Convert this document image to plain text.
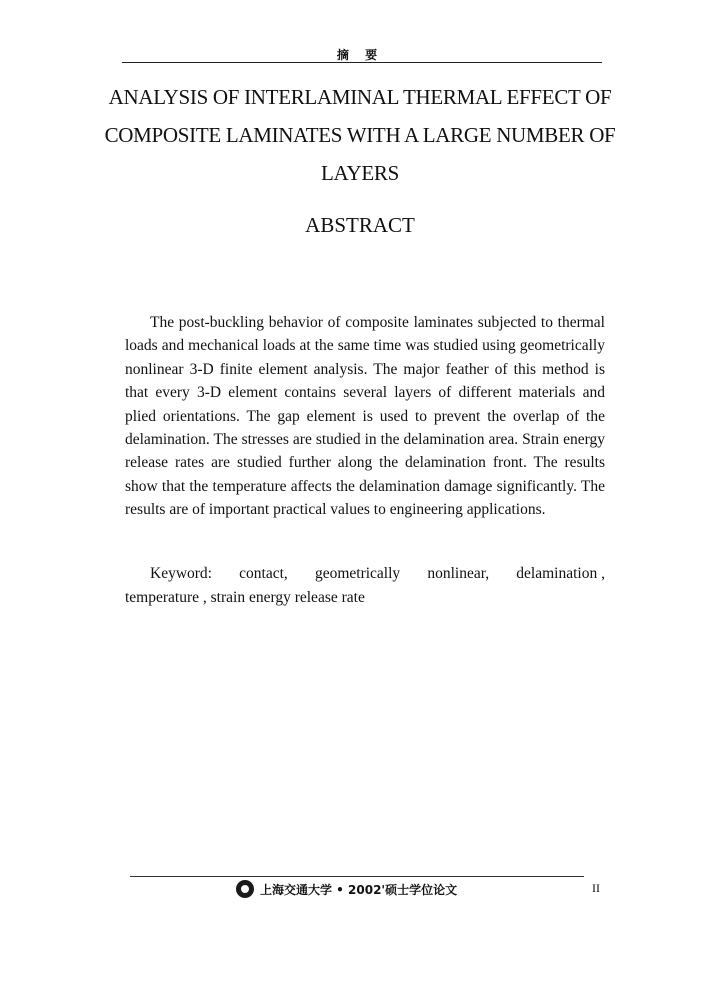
摘 要
ANALYSIS OF INTERLAMINAL THERMAL EFFECT OF
COMPOSITE LAMINATES WITH A LARGE NUMBER OF
LAYERS
ABSTRACT
The post-buckling behavior of composite laminates subjected to thermal loads and mechanical loads at the same time was studied using geometrically nonlinear 3-D finite element analysis. The major feather of this method is that every 3-D element contains several layers of different materials and plied orientations. The gap element is used to prevent the overlap of the delamination. The stresses are studied in the delamination area. Strain energy release rates are studied further along the delamination front. The results show that the temperature affects the delamination damage significantly. The results are of important practical values to engineering applications.
Keyword: contact, geometrically nonlinear, delamination ,
temperature , strain energy release rate
上海交通大学 • 2002'硕士学位论文	II
